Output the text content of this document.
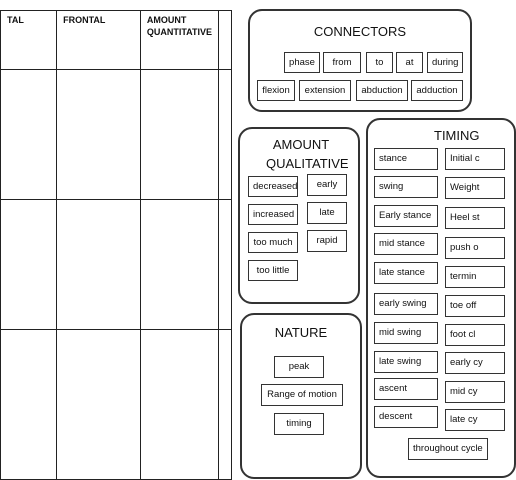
TAL	FRONTAL	AMOUNT QUANTITATIVE	

				CONNECTORS
phase	from	to	at	during
flexion	extension	abduction	adduction
AMOUNT QUALITATIVE
decreased	early
increased	late
too much	rapid
too little
NATURE
peak
Range of motion
timing
TIMING
stance
swing
Early stance
mid stance
late stance
early swing
mid swing
late swing
ascent
descent
Initial c
Weight
Heel st
push o
termin
toe off
foot cl
early cy
mid cy
late cy
throughout cycle
